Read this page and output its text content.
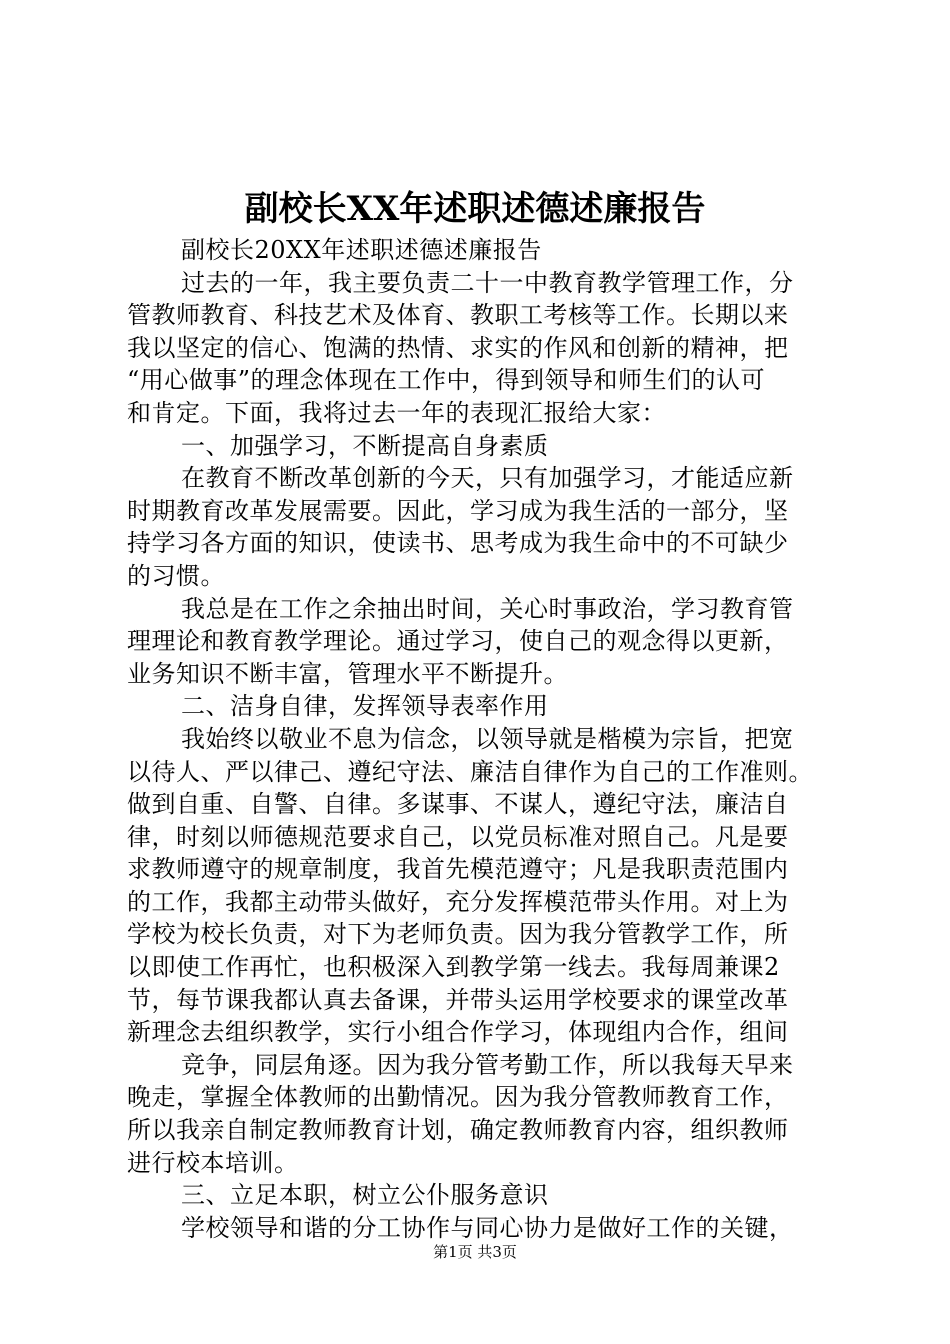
副校长XX年述职述德述廉报告
副校长20XX年述职述德述廉报告
过去的一年，我主要负责二十一中教育教学管理工作，分
管教师教育、科技艺术及体育、教职工考核等工作。长期以来
我以坚定的信心、饱满的热情、求实的作风和创新的精神，把
“用心做事”的理念体现在工作中，得到领导和师生们的认可
和肯定。下面，我将过去一年的表现汇报给大家：
一、加强学习，不断提高自身素质
在教育不断改革创新的今天，只有加强学习，才能适应新
时期教育改革发展需要。因此，学习成为我生活的一部分，坚
持学习各方面的知识，使读书、思考成为我生命中的不可缺少
的习惯。
我总是在工作之余抽出时间，关心时事政治，学习教育管
理理论和教育教学理论。通过学习，使自己的观念得以更新，
业务知识不断丰富，管理水平不断提升。
二、洁身自律，发挥领导表率作用
我始终以敬业不息为信念，以领导就是楷模为宗旨，把宽
以待人、严以律己、遵纪守法、廉洁自律作为自己的工作准则。
做到自重、自警、自律。多谋事、不谋人，遵纪守法，廉洁自
律，时刻以师德规范要求自己，以党员标准对照自己。凡是要
求教师遵守的规章制度，我首先模范遵守；凡是我职责范围内
的工作，我都主动带头做好，充分发挥模范带头作用。对上为
学校为校长负责，对下为老师负责。因为我分管教学工作，所
以即使工作再忙，也积极深入到教学第一线去。我每周兼课2
节，每节课我都认真去备课，并带头运用学校要求的课堂改革
新理念去组织教学，实行小组合作学习，体现组内合作，组间
竞争，同层角逐。因为我分管考勤工作，所以我每天早来
晚走，掌握全体教师的出勤情况。因为我分管教师教育工作，
所以我亲自制定教师教育计划，确定教师教育内容，组织教师
进行校本培训。
三、立足本职，树立公仆服务意识
学校领导和谐的分工协作与同心协力是做好工作的关键，
第1页 共3页
